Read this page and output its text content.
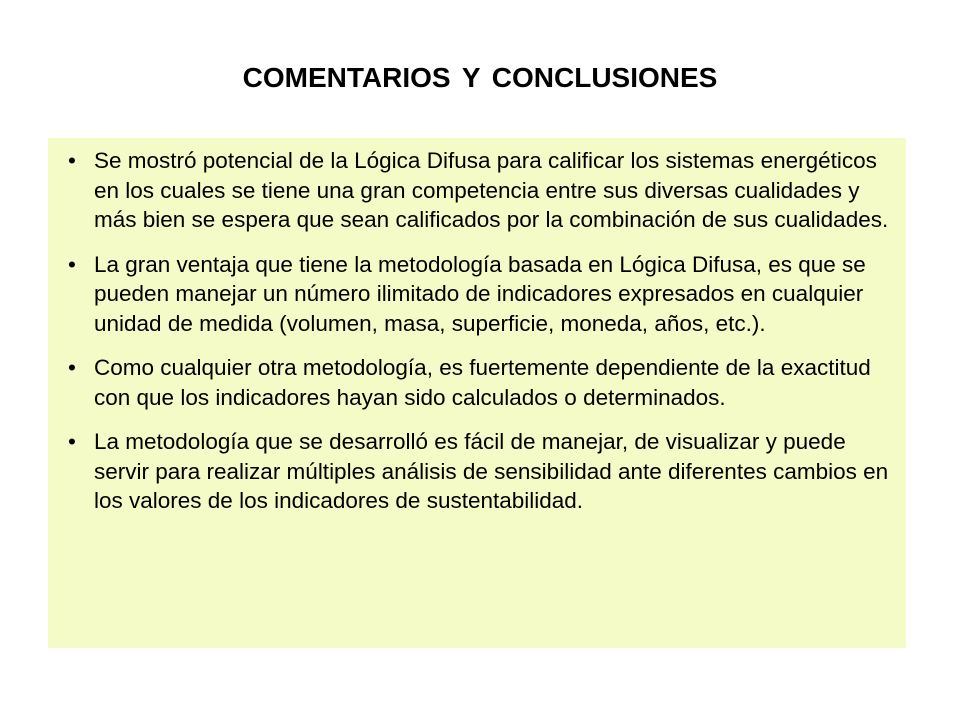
COMENTARIOS Y CONCLUSIONES
• Se mostró potencial de la Lógica Difusa para calificar los sistemas energéticos en los cuales se tiene una gran competencia entre sus diversas cualidades y más bien se espera que sean calificados por la combinación de sus cualidades.
• La gran ventaja que tiene la metodología basada en Lógica Difusa, es que se pueden manejar un número ilimitado de indicadores expresados en cualquier unidad de medida (volumen, masa, superficie, moneda, años, etc.).
• Como cualquier otra metodología, es fuertemente dependiente de la exactitud con que los indicadores hayan sido calculados o determinados.
• La metodología que se desarrolló es fácil de manejar, de visualizar y puede servir para realizar múltiples análisis de sensibilidad ante diferentes cambios en los valores de los indicadores de sustentabilidad.
